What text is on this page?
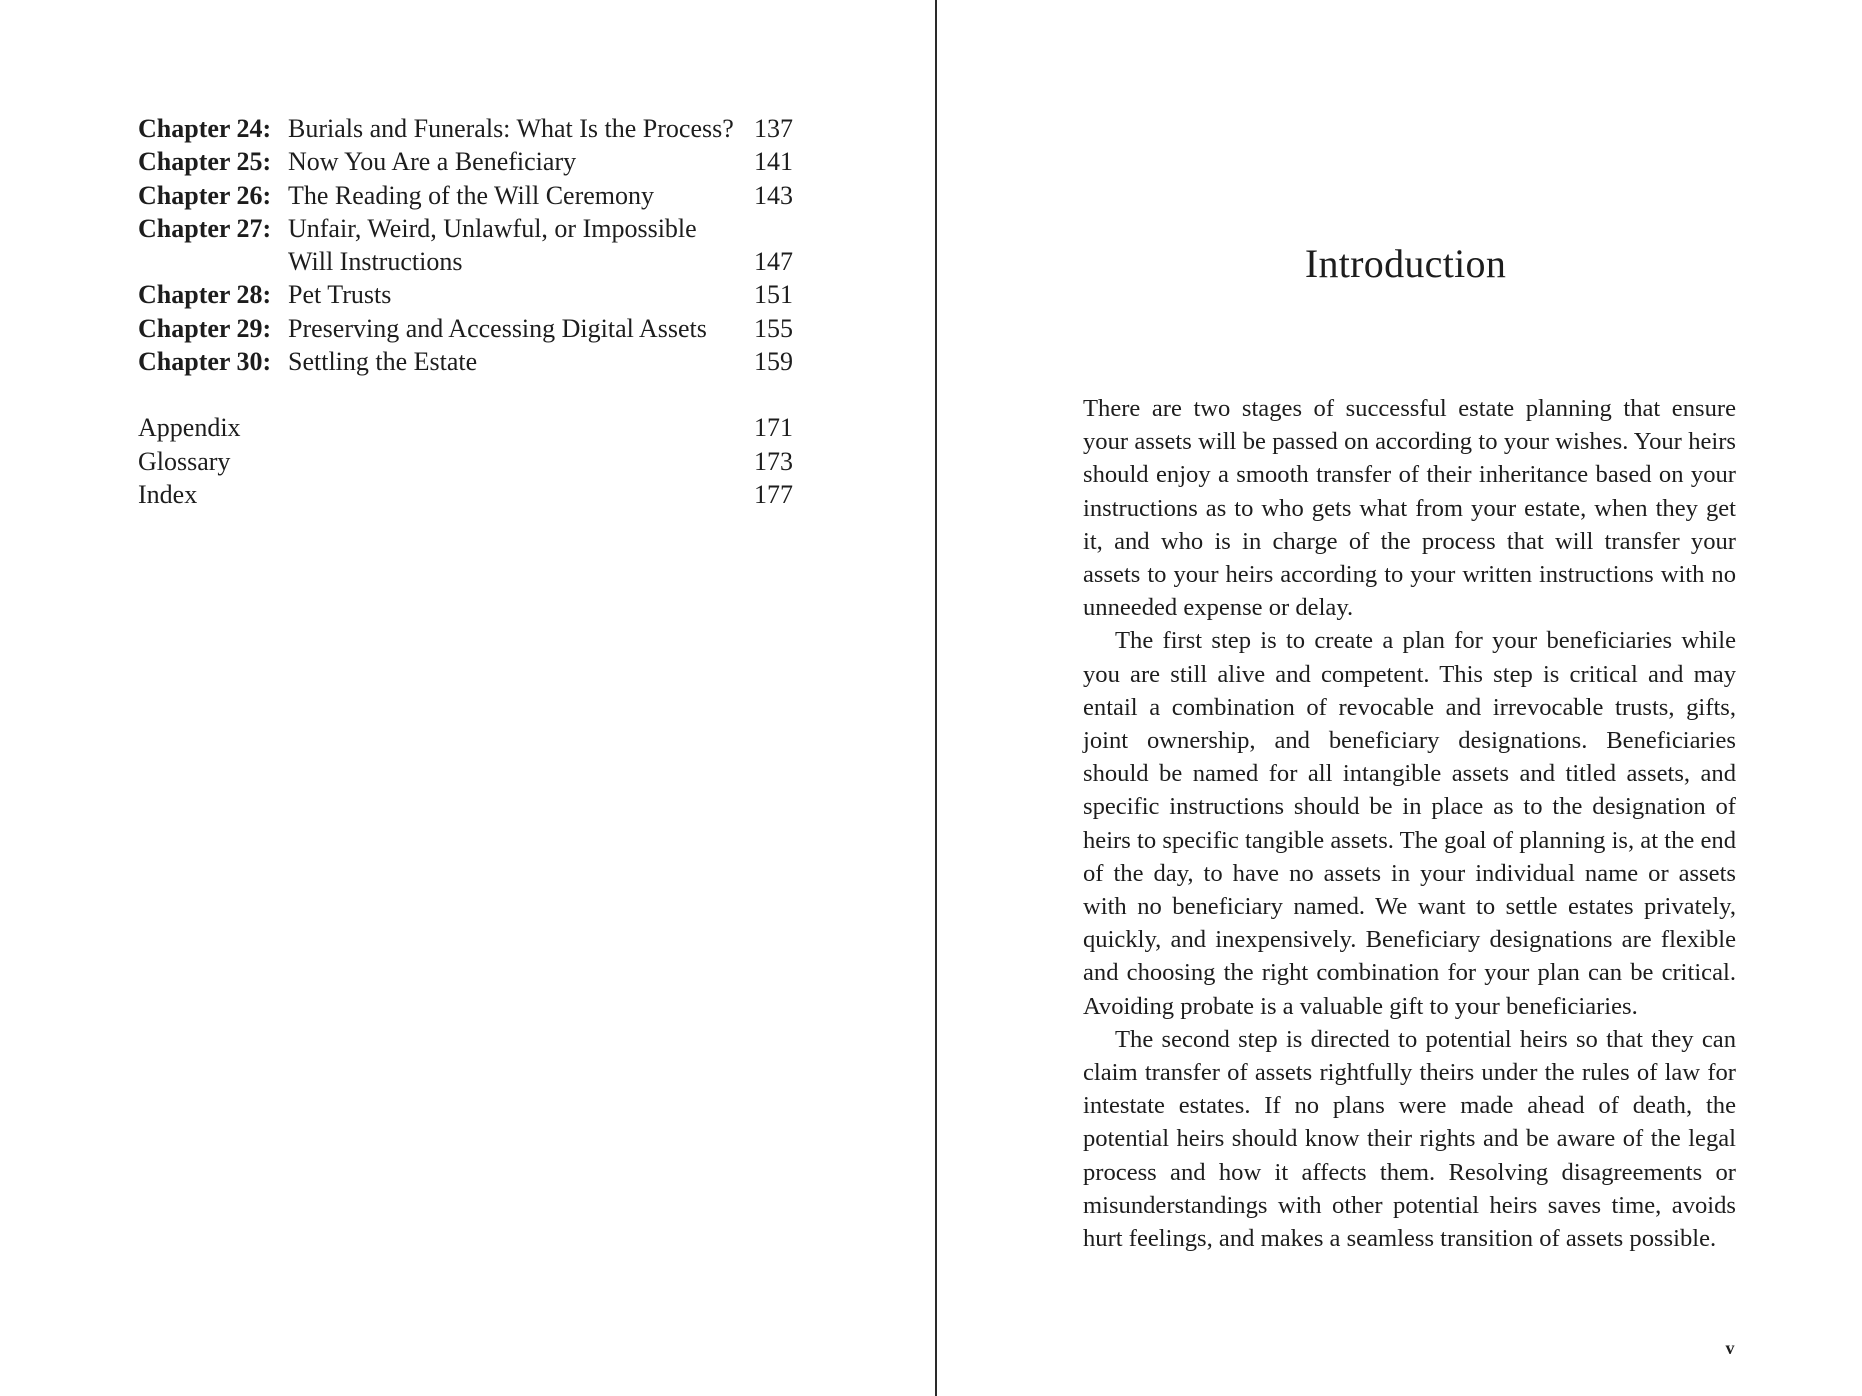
Chapter 24: Burials and Funerals: What Is the Process? 137
Chapter 25: Now You Are a Beneficiary	141
Chapter 26: The Reading of the Will Ceremony	143
Chapter 27: Unfair, Weird, Unlawful, or Impossible
Will Instructions	147
Chapter 28: Pet Trusts	151
Chapter 29: Preserving and Accessing Digital Assets	155
Chapter 30: Settling the Estate	159
Appendix	171
Glossary	173
Index	177
Introduction

There are two stages of successful estate planning that ensure your assets will be passed on according to your wishes. Your heirs should enjoy a smooth transfer of their inheritance based on your instructions as to who gets what from your estate, when they get it, and who is in charge of the process that will transfer your assets to your heirs according to your written instructions with no unneeded expense or delay.

The first step is to create a plan for your beneficiaries while you are still alive and competent. This step is critical and may entail a combination of revocable and irrevocable trusts, gifts, joint ownership, and beneficiary designations. Beneficiaries should be named for all intangible assets and titled assets, and specific instructions should be in place as to the designation of heirs to specific tangible assets. The goal of planning is, at the end of the day, to have no assets in your individual name or assets with no beneficiary named. We want to settle estates privately, quickly, and inexpensively. Beneficiary designations are flexible and choosing the right combination for your plan can be critical. Avoiding probate is a valuable gift to your beneficiaries.

The second step is directed to potential heirs so that they can claim transfer of assets rightfully theirs under the rules of law for intestate estates. If no plans were made ahead of death, the potential heirs should know their rights and be aware of the legal process and how it affects them. Resolving disagreements or misunderstandings with other potential heirs saves time, avoids hurt feelings, and makes a seamless transition of assets possible.

v
